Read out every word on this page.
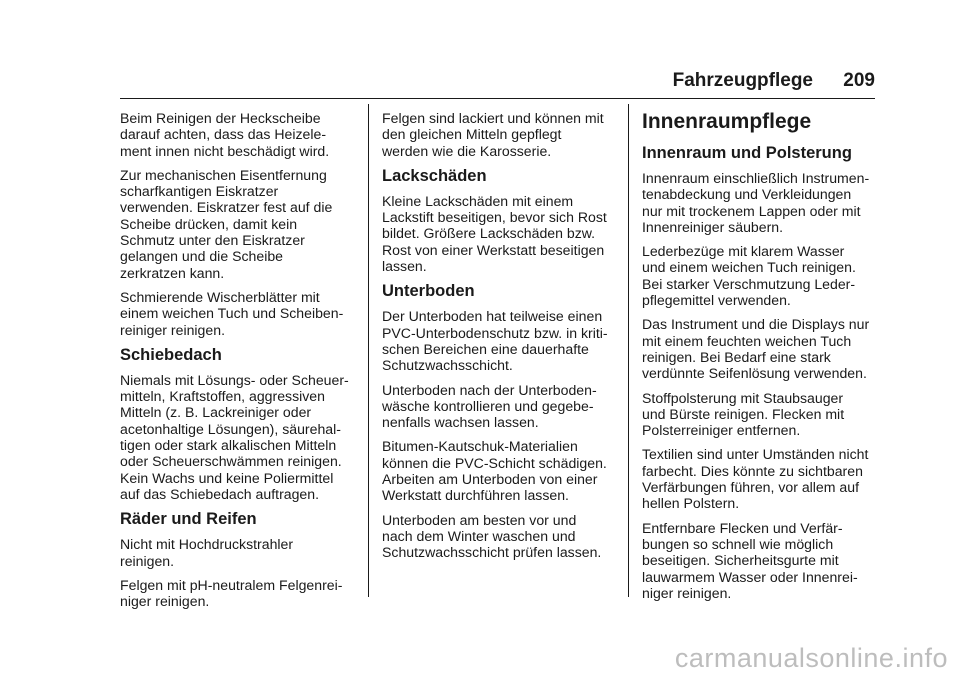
Fahrzeugpflege 209

Beim Reinigen der Heckscheibe
darauf achten, dass das Heizele-
ment innen nicht beschädigt wird.

Zur mechanischen Eisentfernung
scharfkantigen Eiskratzer
verwenden. Eiskratzer fest auf die
Scheibe drücken, damit kein
Schmutz unter den Eiskratzer
gelangen und die Scheibe
zerkratzen kann.

Schmierende Wischerblätter mit
einem weichen Tuch und Scheiben-
reiniger reinigen.

Schiebedach

Niemals mit Lösungs- oder Scheuer-
mitteln, Kraftstoffen, aggressiven
Mitteln (z. B. Lackreiniger oder
acetonhaltige Lösungen), säurehal-
tigen oder stark alkalischen Mitteln
oder Scheuerschwämmen reinigen.
Kein Wachs und keine Poliermittel
auf das Schiebedach auftragen.

Räder und Reifen

Nicht mit Hochdruckstrahler
reinigen.

Felgen mit pH-neutralem Felgenrei-
niger reinigen.

Felgen sind lackiert und können mit
den gleichen Mitteln gepflegt
werden wie die Karosserie.

Lackschäden

Kleine Lackschäden mit einem
Lackstift beseitigen, bevor sich Rost
bildet. Größere Lackschäden bzw.
Rost von einer Werkstatt beseitigen
lassen.

Unterboden

Der Unterboden hat teilweise einen
PVC-Unterbodenschutz bzw. in kriti-
schen Bereichen eine dauerhafte
Schutzwachsschicht.

Unterboden nach der Unterboden-
wäsche kontrollieren und gegebe-
nenfalls wachsen lassen.

Bitumen-Kautschuk-Materialien
können die PVC-Schicht schädigen.
Arbeiten am Unterboden von einer
Werkstatt durchführen lassen.

Unterboden am besten vor und
nach dem Winter waschen und
Schutzwachsschicht prüfen lassen.

Innenraumpflege
Innenraum und Polsterung

Innenraum einschließlich Instrumen-
tenabdeckung und Verkleidungen
nur mit trockenem Lappen oder mit
Innenreiniger säubern.

Lederbezüge mit klarem Wasser
und einem weichen Tuch reinigen.
Bei starker Verschmutzung Leder-
pflegemittel verwenden.

Das Instrument und die Displays nur
mit einem feuchten weichen Tuch
reinigen. Bei Bedarf eine stark
verdünnte Seifenlösung verwenden.

Stoffpolsterung mit Staubsauger
und Bürste reinigen. Flecken mit
Polsterreiniger entfernen.

Textilien sind unter Umständen nicht
farbecht. Dies könnte zu sichtbaren
Verfärbungen führen, vor allem auf
hellen Polstern.

Entfernbare Flecken und Verfär-
bungen so schnell wie möglich
beseitigen. Sicherheitsgurte mit
lauwarmem Wasser oder Innenrei-
niger reinigen.

carmanualsonline.info
